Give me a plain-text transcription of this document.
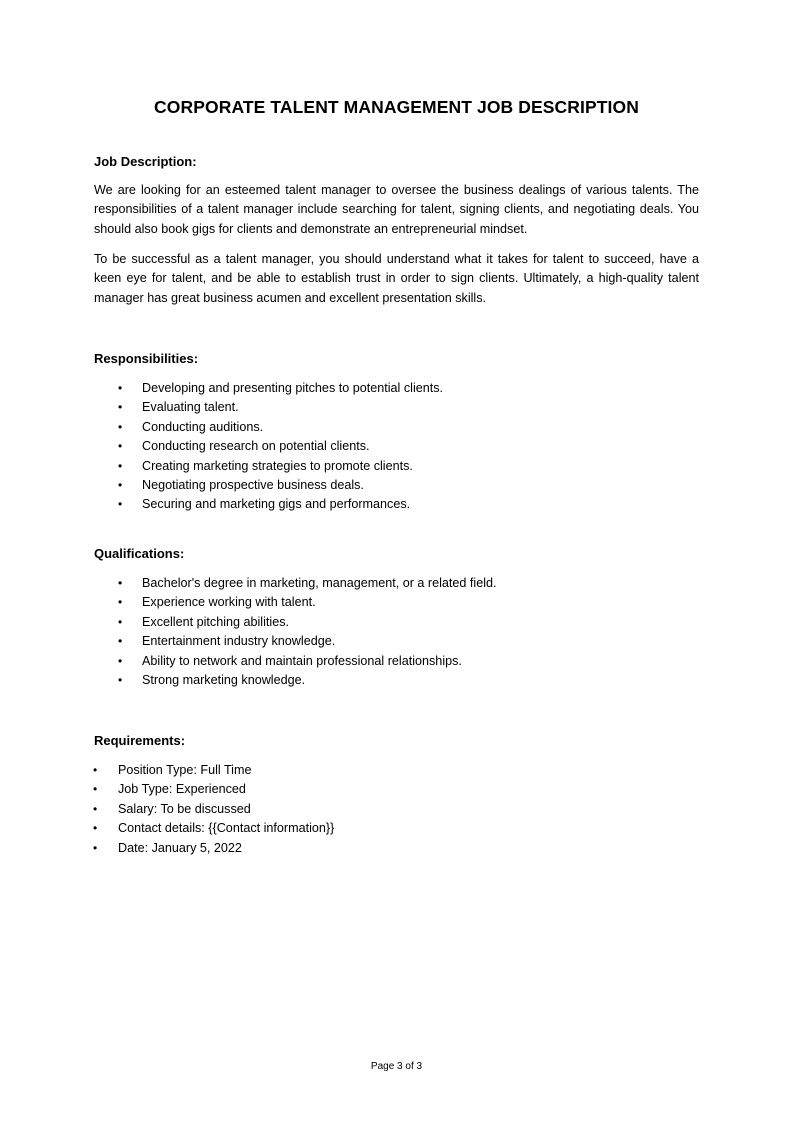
CORPORATE TALENT MANAGEMENT JOB DESCRIPTION
Job Description:
We are looking for an esteemed talent manager to oversee the business dealings of various talents. The responsibilities of a talent manager include searching for talent, signing clients, and negotiating deals. You should also book gigs for clients and demonstrate an entrepreneurial mindset.
To be successful as a talent manager, you should understand what it takes for talent to succeed, have a keen eye for talent, and be able to establish trust in order to sign clients. Ultimately, a high-quality talent manager has great business acumen and excellent presentation skills.
Responsibilities:
• Developing and presenting pitches to potential clients.
• Evaluating talent.
• Conducting auditions.
• Conducting research on potential clients.
• Creating marketing strategies to promote clients.
• Negotiating prospective business deals.
• Securing and marketing gigs and performances.
Qualifications:
• Bachelor's degree in marketing, management, or a related field.
• Experience working with talent.
• Excellent pitching abilities.
• Entertainment industry knowledge.
• Ability to network and maintain professional relationships.
• Strong marketing knowledge.
Requirements:
• Position Type: Full Time
• Job Type: Experienced
• Salary: To be discussed
• Contact details: {{Contact information}}
• Date: January 5, 2022
Page 3 of 3
